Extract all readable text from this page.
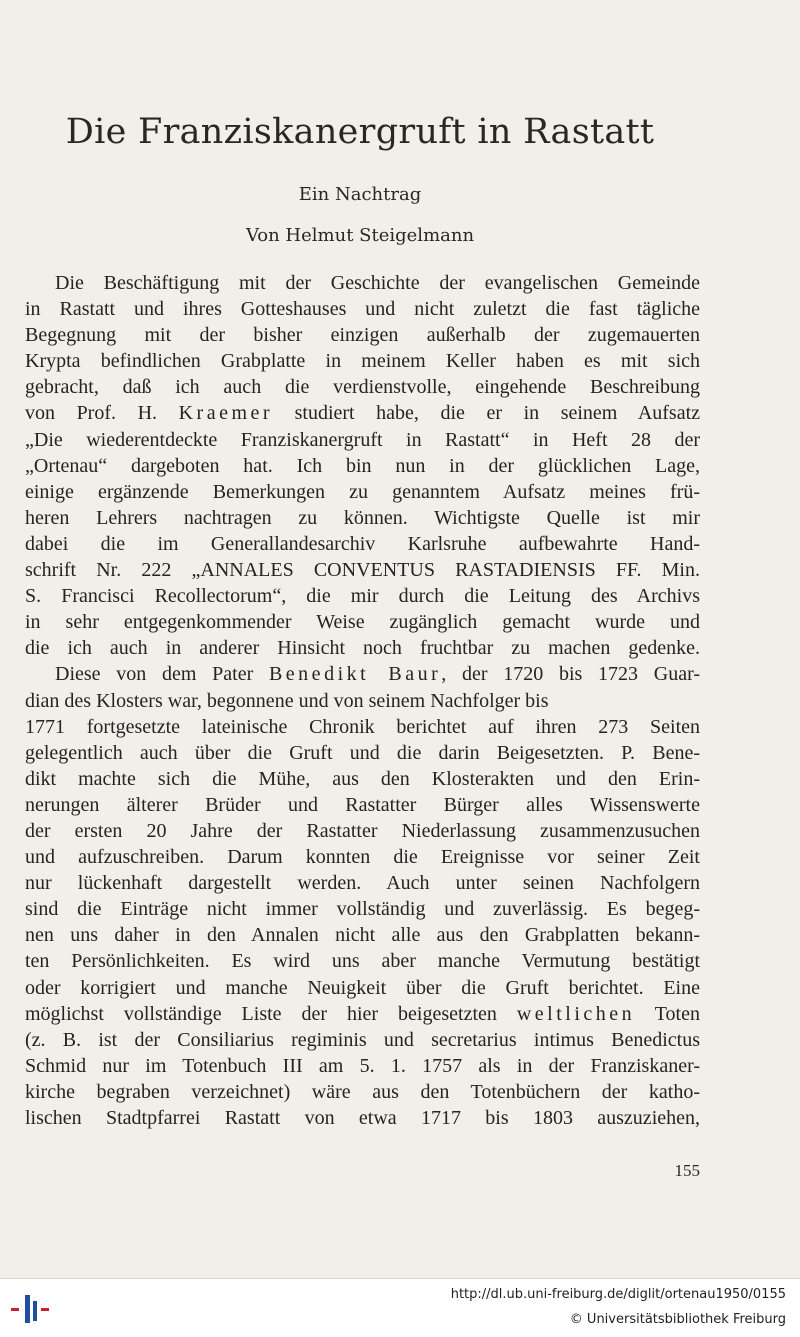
Die Franziskanergruft in Rastatt
Ein Nachtrag
Von Helmut Steigelmann
Die Beschäftigung mit der Geschichte der evangelischen Gemeinde
in Rastatt und ihres Gotteshauses und nicht zuletzt die fast tägliche
Begegnung mit der bisher einzigen außerhalb der zugemauerten
Krypta befindlichen Grabplatte in meinem Keller haben es mit sich
gebracht, daß ich auch die verdienstvolle, eingehende Beschreibung
von Prof. H. Kraemer studiert habe, die er in seinem Aufsatz
„Die wiederentdeckte Franziskanergruft in Rastatt“ in Heft 28 der
„Ortenau“ dargeboten hat. Ich bin nun in der glücklichen Lage,
einige ergänzende Bemerkungen zu genanntem Aufsatz meines frü-
heren Lehrers nachtragen zu können. Wichtigste Quelle ist mir
dabei die im Generallandesarchiv Karlsruhe aufbewahrte Hand-
schrift Nr. 222 „ANNALES CONVENTUS RASTADIENSIS FF. Min.
S. Francisci Recollectorum“, die mir durch die Leitung des Archivs
in sehr entgegenkommender Weise zugänglich gemacht wurde und
die ich auch in anderer Hinsicht noch fruchtbar zu machen gedenke.
Diese von dem Pater Benedikt Baur, der 1720 bis 1723 Guar-
dian des Klosters war, begonnene und von seinem Nachfolger bis
1771 fortgesetzte lateinische Chronik berichtet auf ihren 273 Seiten
gelegentlich auch über die Gruft und die darin Beigesetzten. P. Bene-
dikt machte sich die Mühe, aus den Klosterakten und den Erin-
nerungen älterer Brüder und Rastatter Bürger alles Wissenswerte
der ersten 20 Jahre der Rastatter Niederlassung zusammenzusuchen
und aufzuschreiben. Darum konnten die Ereignisse vor seiner Zeit
nur lückenhaft dargestellt werden. Auch unter seinen Nachfolgern
sind die Einträge nicht immer vollständig und zuverlässig. Es begeg-
nen uns daher in den Annalen nicht alle aus den Grabplatten bekann-
ten Persönlichkeiten. Es wird uns aber manche Vermutung bestätigt
oder korrigiert und manche Neuigkeit über die Gruft berichtet. Eine
möglichst vollständige Liste der hier beigesetzten weltlichen Toten
(z. B. ist der Consiliarius regiminis und secretarius intimus Benedictus
Schmid nur im Totenbuch III am 5. 1. 1757 als in der Franziskaner-
kirche begraben verzeichnet) wäre aus den Totenbüchern der katho-
lischen Stadtpfarrei Rastatt von etwa 1717 bis 1803 auszuziehen,
155
http://dl.ub.uni-freiburg.de/diglit/ortenau1950/0155
© Universitätsbibliothek Freiburg
